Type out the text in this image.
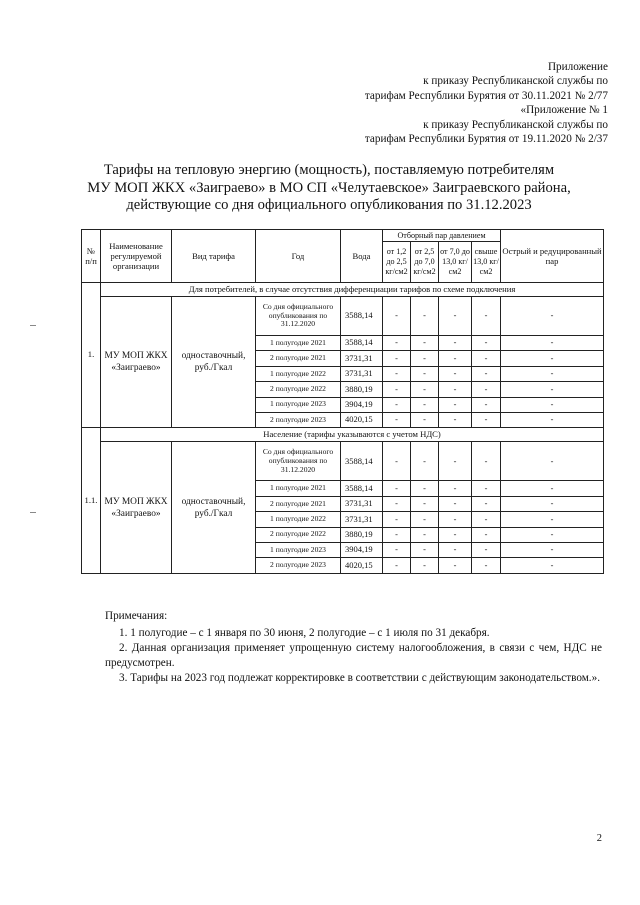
Приложение
к приказу Республиканской службы по
тарифам Республики Бурятия от 30.11.2021 № 2/77
«Приложение № 1
к приказу Республиканской службы по
тарифам Республики Бурятия от 19.11.2020 № 2/37
Тарифы на тепловую энергию (мощность), поставляемую потребителям
МУ МОП ЖКХ «Заиграево» в МО СП «Челутаевское» Заиграевского района,
действующие со дня официального опубликования по 31.12.2023
№ п/п	Наименование регулируемой организации	Вид тарифа	Год	Вода	Отборный пар давлением				Острый и редуцированный пар
					от 1,2 до 2,5 кг/см2	от 2,5 до 7,0 кг/см2	от 7,0 до 13,0 кг/см2	свыше 13,0 кг/см2	
1.	Для потребителей, в случае отсутствия дифференциации тарифов по схеме подключения								
	МУ МОП ЖКХ «Заиграево»	одноставочный, руб./Гкал	Со дня официального опубликования по 31.12.2020	3588,14	-	-	-	-	-
			1 полугодие 2021	3588,14	-	-	-	-	-
			2 полугодие 2021	3731,31	-	-	-	-	-
			1 полугодие 2022	3731,31	-	-	-	-	-
			2 полугодие 2022	3880,19	-	-	-	-	-
			1 полугодие 2023	3904,19	-	-	-	-	-
			2 полугодие 2023	4020,15	-	-	-	-	-
1.1.	Население (тарифы указываются с учетом НДС)								
	МУ МОП ЖКХ «Заиграево»	одноставочный, руб./Гкал	Со дня официального опубликования по 31.12.2020	3588,14	-	-	-	-	-
			1 полугодие 2021	3588,14	-	-	-	-	-
			2 полугодие 2021	3731,31	-	-	-	-	-
			1 полугодие 2022	3731,31	-	-	-	-	-
			2 полугодие 2022	3880,19	-	-	-	-	-
			1 полугодие 2023	3904,19	-	-	-	-	-
			2 полугодие 2023	4020,15	-	-	-	-	-

Примечания:

1. 1 полугодие – с 1 января по 30 июня, 2 полугодие – с 1 июля по 31 декабря.

2. Данная организация применяет упрощенную систему налогообложения, в связи с чем, НДС не предусмотрен.

3. Тарифы на 2023 год подлежат корректировке в соответствии с действующим законодательством.».

2
